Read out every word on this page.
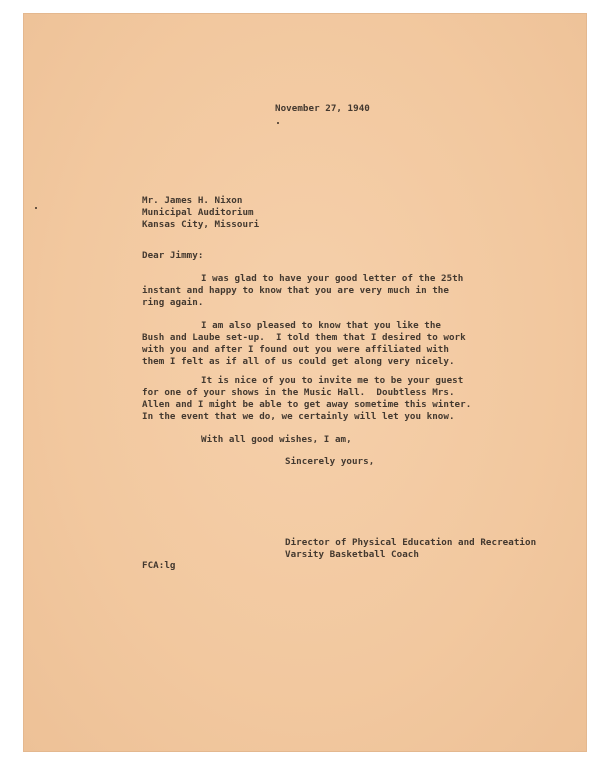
November 27, 1940
Mr. James H. Nixon
Municipal Auditorium
Kansas City, Missouri
Dear Jimmy:
I was glad to have your good letter of the 25th
instant and happy to know that you are very much in the
ring again.
I am also pleased to know that you like the
Bush and Laube set-up.  I told them that I desired to work
with you and after I found out you were affiliated with
them I felt as if all of us could get along very nicely.
It is nice of you to invite me to be your guest
for one of your shows in the Music Hall.  Doubtless Mrs.
Allen and I might be able to get away sometime this winter.
In the event that we do, we certainly will let you know.
With all good wishes, I am,
Sincerely yours,
Director of Physical Education and Recreation
Varsity Basketball Coach
FCA:lg
